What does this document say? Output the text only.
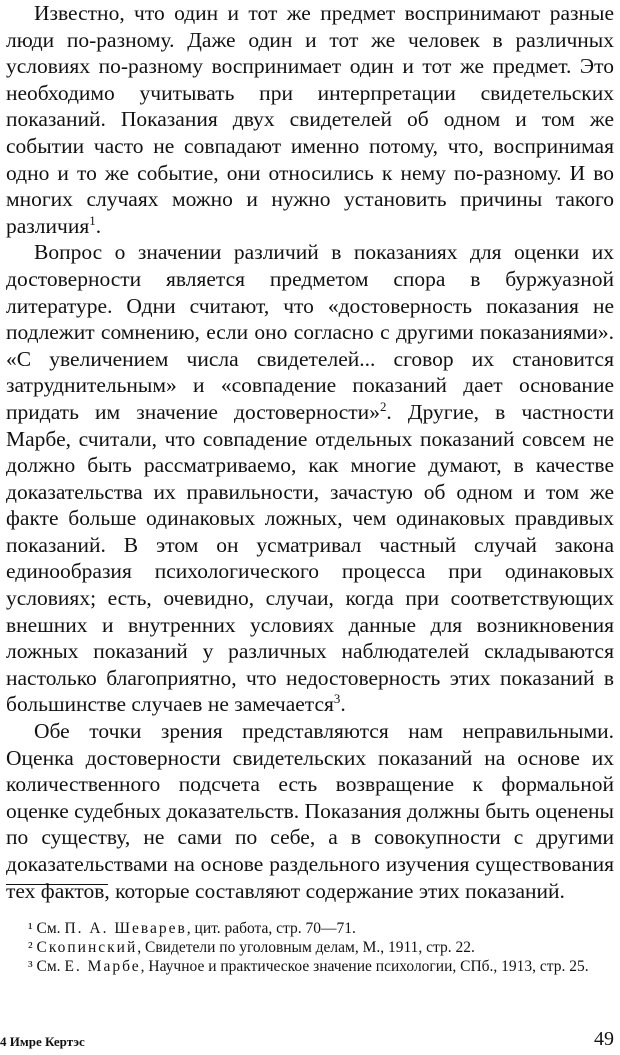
Известно, что один и тот же предмет воспринимают разные люди по-разному. Даже один и тот же человек в различных условиях по-разному воспринимает один и тот же предмет. Это необходимо учитывать при интерпретации свидетельских показаний. Показания двух свидетелей об одном и том же событии часто не совпадают именно потому, что, воспринимая одно и то же событие, они относились к нему по-разному. И во многих случаях можно и нужно установить причины такого различия$^1$.

Вопрос о значении различий в показаниях для оценки их достоверности является предметом спора в буржуазной литературе. Одни считают, что «достоверность показания не подлежит сомнению, если оно согласно с другими показаниями». «С увеличением числа свидетелей... сговор их становится затруднительным» и «совпадение показаний дает основание придать им значение достоверности»$^2$. Другие, в частности Марбе, считали, что совпадение отдельных показаний совсем не должно быть рассматриваемо, как многие думают, в качестве доказательства их правильности, зачастую об одном и том же факте больше одинаковых ложных, чем одинаковых правдивых показаний. В этом он усматривал частный случай закона единообразия психологического процесса при одинаковых условиях; есть, очевидно, случаи, когда при соответствующих внешних и внутренних условиях данные для возникновения ложных показаний у различных наблюдателей складываются настолько благоприятно, что недостоверность этих показаний в большинстве случаев не замечается$^3$.

Обе точки зрения представляются нам неправильными. Оценка достоверности свидетельских показаний на основе их количественного подсчета есть возвращение к формальной оценке судебных доказательств. Показания должны быть оценены по существу, не сами по себе, а в совокупности с другими доказательствами на основе раздельного изучения существования тех фактов, которые составляют содержание этих показаний.

¹ См. П. А. Шеварев, цит. работа, стр. 70—71.

² Скопинский, Свидетели по уголовным делам, М., 1911, стр. 22.

³ См. Е. Марбе, Научное и практическое значение психологии, СПб., 1913, стр. 25.

4 Имре Кертэс	49
